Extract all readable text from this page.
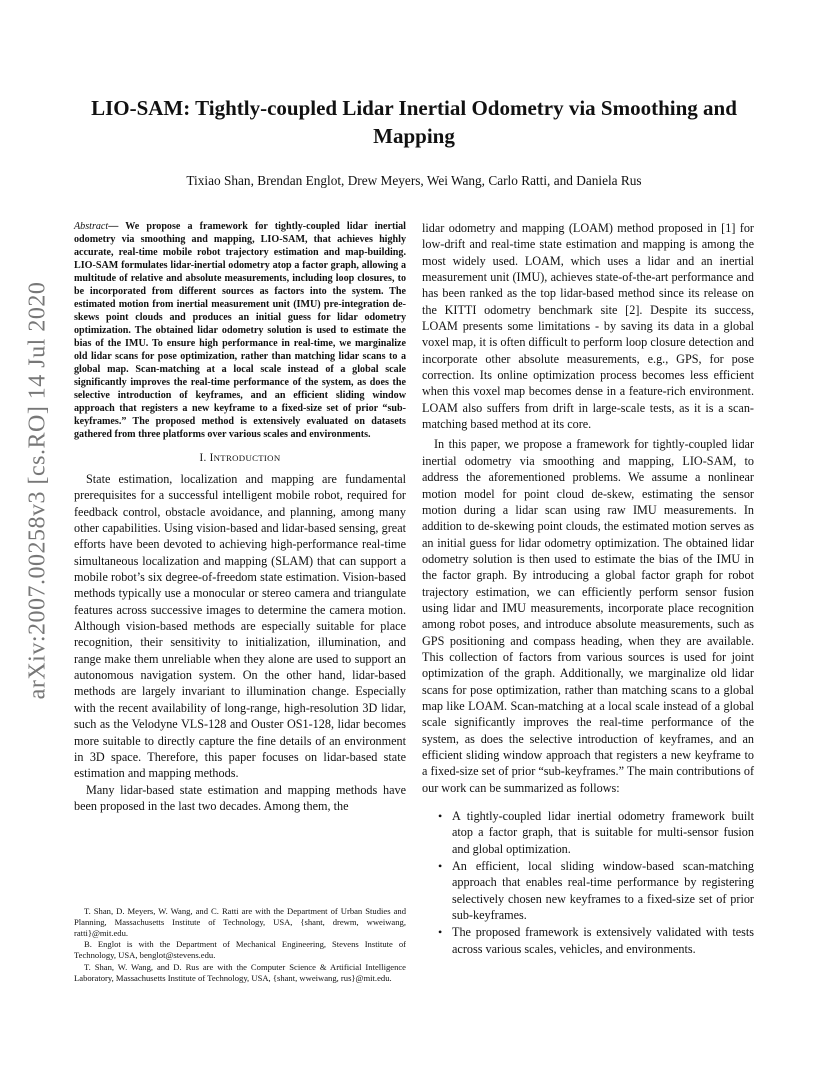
arXiv:2007.00258v3 [cs.RO] 14 Jul 2020
LIO-SAM: Tightly-coupled Lidar Inertial Odometry via Smoothing and Mapping
Tixiao Shan, Brendan Englot, Drew Meyers, Wei Wang, Carlo Ratti, and Daniela Rus

Abstract— We propose a framework for tightly-coupled lidar inertial odometry via smoothing and mapping, LIO-SAM, that achieves highly accurate, real-time mobile robot trajectory estimation and map-building. LIO-SAM formulates lidar-inertial odometry atop a factor graph, allowing a multitude of relative and absolute measurements, including loop closures, to be incorporated from different sources as factors into the system. The estimated motion from inertial measurement unit (IMU) pre-integration de-skews point clouds and produces an initial guess for lidar odometry optimization. The obtained lidar odometry solution is used to estimate the bias of the IMU. To ensure high performance in real-time, we marginalize old lidar scans for pose optimization, rather than matching lidar scans to a global map. Scan-matching at a local scale instead of a global scale significantly improves the real-time performance of the system, as does the selective introduction of keyframes, and an efficient sliding window approach that registers a new keyframe to a fixed-size set of prior “sub-keyframes.” The proposed method is extensively evaluated on datasets gathered from three platforms over various scales and environments.

I. INTRODUCTION

State estimation, localization and mapping are fundamental prerequisites for a successful intelligent mobile robot, required for feedback control, obstacle avoidance, and planning, among many other capabilities. Using vision-based and lidar-based sensing, great efforts have been devoted to achieving high-performance real-time simultaneous localization and mapping (SLAM) that can support a mobile robot’s six degree-of-freedom state estimation. Vision-based methods typically use a monocular or stereo camera and triangulate features across successive images to determine the camera motion. Although vision-based methods are especially suitable for place recognition, their sensitivity to initialization, illumination, and range make them unreliable when they alone are used to support an autonomous navigation system. On the other hand, lidar-based methods are largely invariant to illumination change. Especially with the recent availability of long-range, high-resolution 3D lidar, such as the Velodyne VLS-128 and Ouster OS1-128, lidar becomes more suitable to directly capture the fine details of an environment in 3D space. Therefore, this paper focuses on lidar-based state estimation and mapping methods.

Many lidar-based state estimation and mapping methods have been proposed in the last two decades. Among them, the

T. Shan, D. Meyers, W. Wang, and C. Ratti are with the Department of Urban Studies and Planning, Massachusetts Institute of Technology, USA, {shant, drewm, wweiwang, ratti}@mit.edu.

B. Englot is with the Department of Mechanical Engineering, Stevens Institute of Technology, USA, benglot@stevens.edu.

T. Shan, W. Wang, and D. Rus are with the Computer Science & Artificial Intelligence Laboratory, Massachusetts Institute of Technology, USA, {shant, wweiwang, rus}@mit.edu.

lidar odometry and mapping (LOAM) method proposed in [1] for low-drift and real-time state estimation and mapping is among the most widely used. LOAM, which uses a lidar and an inertial measurement unit (IMU), achieves state-of-the-art performance and has been ranked as the top lidar-based method since its release on the KITTI odometry benchmark site [2]. Despite its success, LOAM presents some limitations - by saving its data in a global voxel map, it is often difficult to perform loop closure detection and incorporate other absolute measurements, e.g., GPS, for pose correction. Its online optimization process becomes less efficient when this voxel map becomes dense in a feature-rich environment. LOAM also suffers from drift in large-scale tests, as it is a scan-matching based method at its core.

In this paper, we propose a framework for tightly-coupled lidar inertial odometry via smoothing and mapping, LIO-SAM, to address the aforementioned problems. We assume a nonlinear motion model for point cloud de-skew, estimating the sensor motion during a lidar scan using raw IMU measurements. In addition to de-skewing point clouds, the estimated motion serves as an initial guess for lidar odometry optimization. The obtained lidar odometry solution is then used to estimate the bias of the IMU in the factor graph. By introducing a global factor graph for robot trajectory estimation, we can efficiently perform sensor fusion using lidar and IMU measurements, incorporate place recognition among robot poses, and introduce absolute measurements, such as GPS positioning and compass heading, when they are available. This collection of factors from various sources is used for joint optimization of the graph. Additionally, we marginalize old lidar scans for pose optimization, rather than matching scans to a global map like LOAM. Scan-matching at a local scale instead of a global scale significantly improves the real-time performance of the system, as does the selective introduction of keyframes, and an efficient sliding window approach that registers a new keyframe to a fixed-size set of prior “sub-keyframes.” The main contributions of our work can be summarized as follows:

• A tightly-coupled lidar inertial odometry framework built atop a factor graph, that is suitable for multi-sensor fusion and global optimization.
• An efficient, local sliding window-based scan-matching approach that enables real-time performance by registering selectively chosen new keyframes to a fixed-size set of prior sub-keyframes.
• The proposed framework is extensively validated with tests across various scales, vehicles, and environments.
